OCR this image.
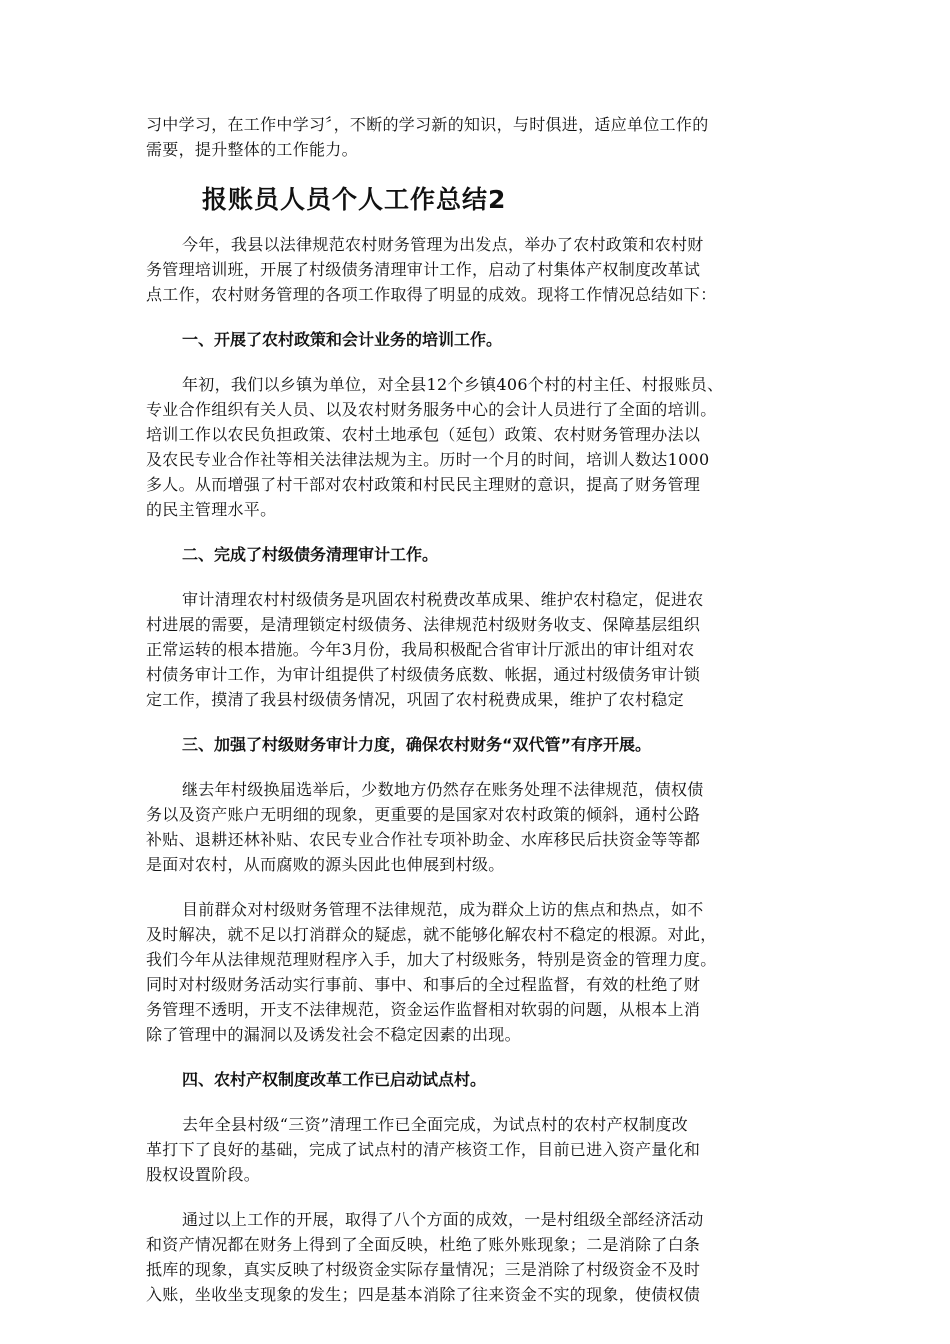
习中学习，在工作中学习〞，不断的学习新的知识，与时俱进，适应单位工作的
需要，提升整体的工作能力。
报账员人员个人工作总结2
今年，我县以法律规范农村财务管理为出发点，举办了农村政策和农村财
务管理培训班，开展了村级债务清理审计工作，启动了村集体产权制度改革试
点工作，农村财务管理的各项工作取得了明显的成效。现将工作情况总结如下：
一、开展了农村政策和会计业务的培训工作。
年初，我们以乡镇为单位，对全县12个乡镇406个村的村主任、村报账员、
专业合作组织有关人员、以及农村财务服务中心的会计人员进行了全面的培训。
培训工作以农民负担政策、农村土地承包（延包）政策、农村财务管理办法以
及农民专业合作社等相关法律法规为主。历时一个月的时间，培训人数达1000
多人。从而增强了村干部对农村政策和村民民主理财的意识，提高了财务管理
的民主管理水平。
二、完成了村级债务清理审计工作。
审计清理农村村级债务是巩固农村税费改革成果、维护农村稳定，促进农
村进展的需要，是清理锁定村级债务、法律规范村级财务收支、保障基层组织
正常运转的根本措施。今年3月份，我局积极配合省审计厅派出的审计组对农
村债务审计工作，为审计组提供了村级债务底数、帐据，通过村级债务审计锁
定工作，摸清了我县村级债务情况，巩固了农村税费成果，维护了农村稳定
三、加强了村级财务审计力度，确保农村财务“双代管”有序开展。
继去年村级换届选举后，少数地方仍然存在账务处理不法律规范，债权债
务以及资产账户无明细的现象，更重要的是国家对农村政策的倾斜，通村公路
补贴、退耕还林补贴、农民专业合作社专项补助金、水库移民后扶资金等等都
是面对农村，从而腐败的源头因此也伸展到村级。
目前群众对村级财务管理不法律规范，成为群众上访的焦点和热点，如不
及时解决，就不足以打消群众的疑虑，就不能够化解农村不稳定的根源。对此，
我们今年从法律规范理财程序入手，加大了村级账务，特别是资金的管理力度。
同时对村级财务活动实行事前、事中、和事后的全过程监督，有效的杜绝了财
务管理不透明，开支不法律规范，资金运作监督相对软弱的问题，从根本上消
除了管理中的漏洞以及诱发社会不稳定因素的出现。
四、农村产权制度改革工作已启动试点村。
去年全县村级“三资”清理工作已全面完成，为试点村的农村产权制度改
革打下了良好的基础，完成了试点村的清产核资工作，目前已进入资产量化和
股权设置阶段。
通过以上工作的开展，取得了八个方面的成效，一是村组级全部经济活动
和资产情况都在财务上得到了全面反映，杜绝了账外账现象；二是消除了白条
抵库的现象，真实反映了村级资金实际存量情况；三是消除了村级资金不及时
入账，坐收坐支现象的发生；四是基本消除了往来资金不实的现象，使债权债
